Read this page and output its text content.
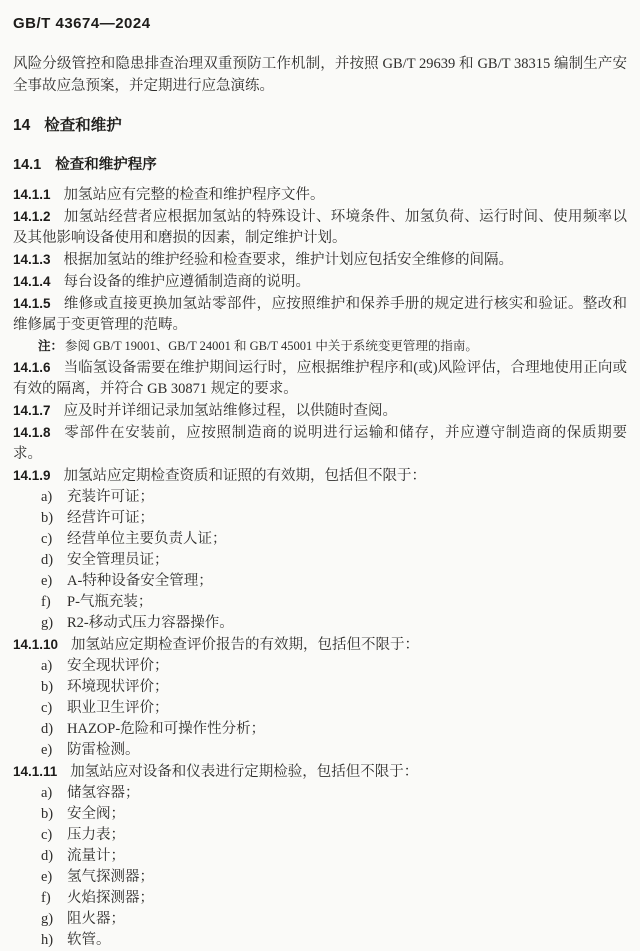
GB/T 43674—2024

风险分级管控和隐患排查治理双重预防工作机制，并按照 GB/T 29639 和 GB/T 38315 编制生产安全事故应急预案，并定期进行应急演练。

14 检查和维护
14.1 检查和维护程序

14.1.1 加氢站应有完整的检查和维护程序文件。

14.1.2 加氢站经营者应根据加氢站的特殊设计、环境条件、加氢负荷、运行时间、使用频率以及其他影响设备使用和磨损的因素，制定维护计划。

14.1.3 根据加氢站的维护经验和检查要求，维护计划应包括安全维修的间隔。

14.1.4 每台设备的维护应遵循制造商的说明。

14.1.5 维修或直接更换加氢站零部件，应按照维护和保养手册的规定进行核实和验证。整改和维修属于变更管理的范畴。

注： 参阅 GB/T 19001、GB/T 24001 和 GB/T 45001 中关于系统变更管理的指南。

14.1.6 当临氢设备需要在维护期间运行时，应根据维护程序和(或)风险评估，合理地使用正向或有效的隔离，并符合 GB 30871 规定的要求。

14.1.7 应及时并详细记录加氢站维修过程，以供随时查阅。

14.1.8 零部件在安装前，应按照制造商的说明进行运输和储存，并应遵守制造商的保质期要求。

14.1.9 加氢站应定期检查资质和证照的有效期，包括但不限于：

a) 充装许可证；

b) 经营许可证；

c) 经营单位主要负责人证；

d) 安全管理员证；

e) A-特种设备安全管理；

f) P-气瓶充装；

g) R2-移动式压力容器操作。

14.1.10 加氢站应定期检查评价报告的有效期，包括但不限于：

a) 安全现状评价；

b) 环境现状评价；

c) 职业卫生评价；

d) HAZOP-危险和可操作性分析；

e) 防雷检测。

14.1.11 加氢站应对设备和仪表进行定期检验，包括但不限于：

a) 储氢容器；

b) 安全阀；

c) 压力表；

d) 流量计；

e) 氢气探测器；

f) 火焰探测器；

g) 阻火器；

h) 软管。
